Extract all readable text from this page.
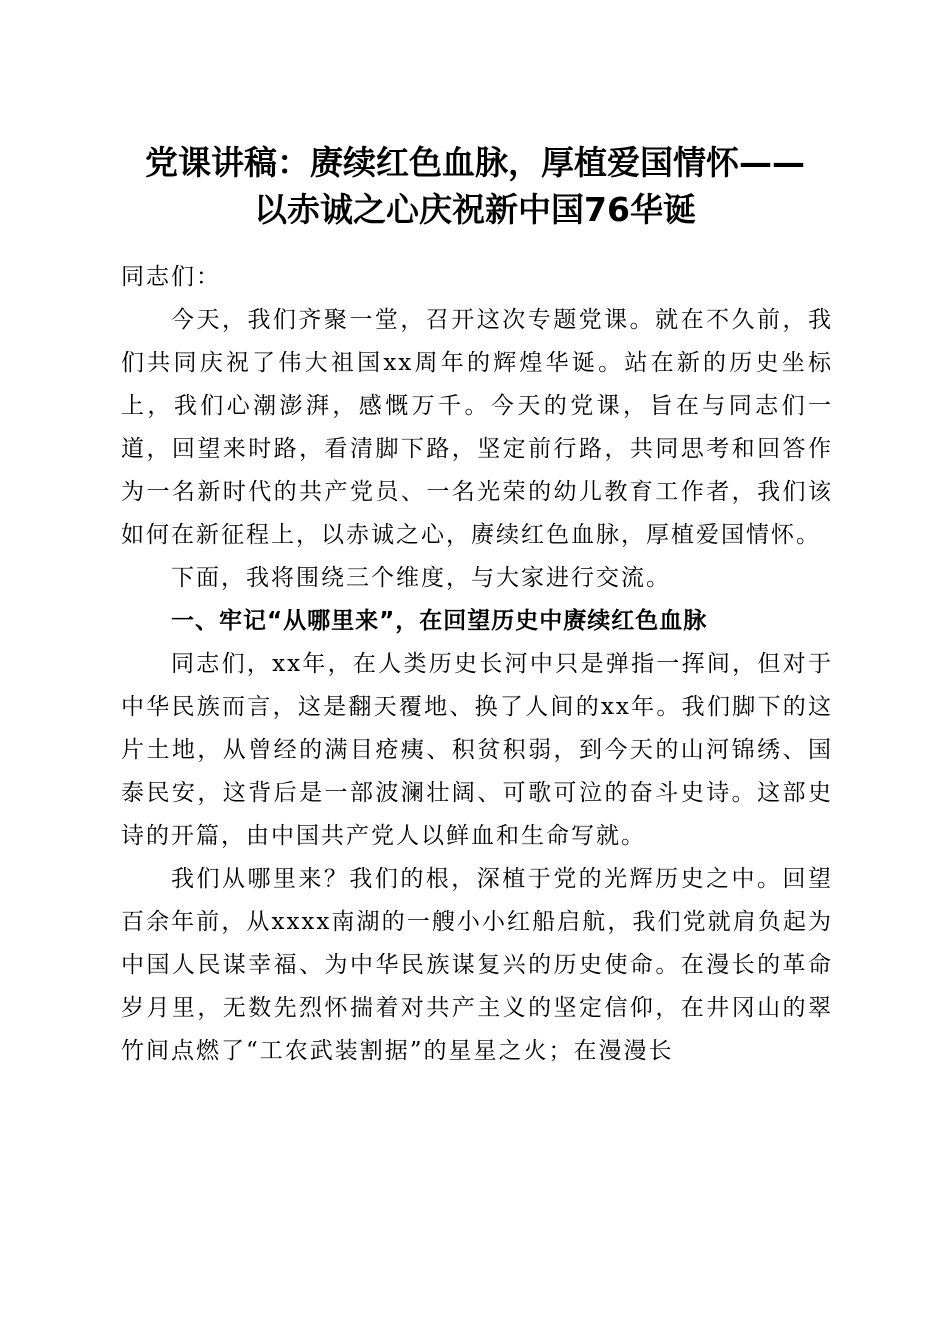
党课讲稿：赓续红色血脉，厚植爱国情怀——
以赤诚之心庆祝新中国76华诞

同志们：

今天，我们齐聚一堂，召开这次专题党课。就在不久前，我们共同庆祝了伟大祖国xx周年的辉煌华诞。站在新的历史坐标上，我们心潮澎湃，感慨万千。今天的党课，旨在与同志们一道，回望来时路，看清脚下路，坚定前行路，共同思考和回答作为一名新时代的共产党员、一名光荣的幼儿教育工作者，我们该如何在新征程上，以赤诚之心，赓续红色血脉，厚植爱国情怀。

下面，我将围绕三个维度，与大家进行交流。

一、牢记“从哪里来”，在回望历史中赓续红色血脉

同志们，xx年，在人类历史长河中只是弹指一挥间，但对于中华民族而言，这是翻天覆地、换了人间的xx年。我们脚下的这片土地，从曾经的满目疮痍、积贫积弱，到今天的山河锦绣、国泰民安，这背后是一部波澜壮阔、可歌可泣的奋斗史诗。这部史诗的开篇，由中国共产党人以鲜血和生命写就。

我们从哪里来？我们的根，深植于党的光辉历史之中。回望百余年前，从xxxx南湖的一艘小小红船启航，我们党就肩负起为中国人民谋幸福、为中华民族谋复兴的历史使命。在漫长的革命岁月里，无数先烈怀揣着对共产主义的坚定信仰，在井冈山的翠竹间点燃了“工农武装割据”的星星之火；在漫漫长
